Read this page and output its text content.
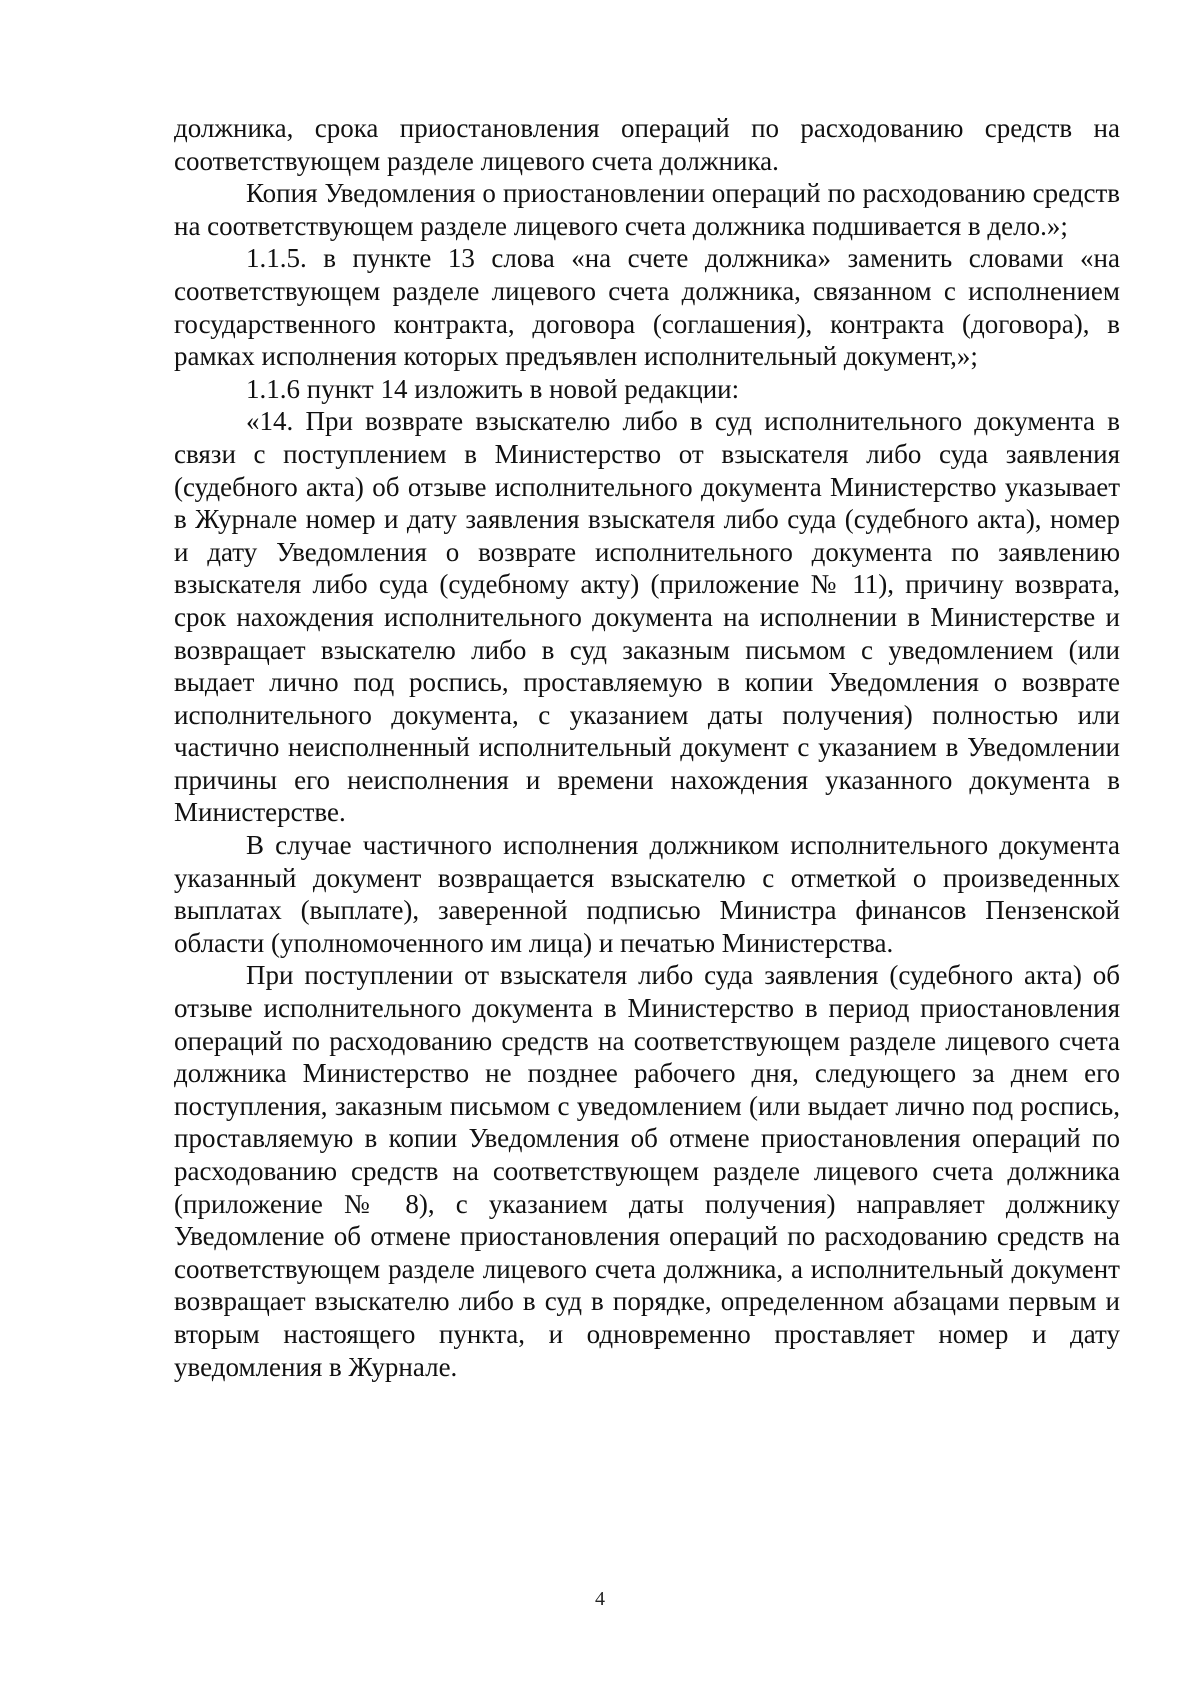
должника, срока приостановления операций по расходованию средств на соответствующем разделе лицевого счета должника.

Копия Уведомления о приостановлении операций по расходованию средств на соответствующем разделе лицевого счета должника подшивается в дело.»;

1.1.5. в пункте 13 слова «на счете должника» заменить словами «на соответствующем разделе лицевого счета должника, связанном с исполнением государственного контракта, договора (соглашения), контракта (договора), в рамках исполнения которых предъявлен исполнительный документ,»;

1.1.6 пункт 14 изложить в новой редакции:

«14. При возврате взыскателю либо в суд исполнительного документа в связи с поступлением в Министерство от взыскателя либо суда заявления (судебного акта) об отзыве исполнительного документа Министерство указывает в Журнале номер и дату заявления взыскателя либо суда (судебного акта), номер и дату Уведомления о возврате исполнительного документа по заявлению взыскателя либо суда (судебному акту) (приложение № 11), причину возврата, срок нахождения исполнительного документа на исполнении в Министерстве и возвращает взыскателю либо в суд заказным письмом с уведомлением (или выдает лично под роспись, проставляемую в копии Уведомления о возврате исполнительного документа, с указанием даты получения) полностью или частично неисполненный исполнительный документ с указанием в Уведомлении причины его неисполнения и времени нахождения указанного документа в Министерстве.

В случае частичного исполнения должником исполнительного документа указанный документ возвращается взыскателю с отметкой о произведенных выплатах (выплате), заверенной подписью Министра финансов Пензенской области (уполномоченного им лица) и печатью Министерства.

При поступлении от взыскателя либо суда заявления (судебного акта) об отзыве исполнительного документа в Министерство в период приостановления операций по расходованию средств на соответствующем разделе лицевого счета должника Министерство не позднее рабочего дня, следующего за днем его поступления, заказным письмом с уведомлением (или выдает лично под роспись, проставляемую в копии Уведомления об отмене приостановления операций по расходованию средств на соответствующем разделе лицевого счета должника (приложение № 8), с указанием даты получения) направляет должнику Уведомление об отмене приостановления операций по расходованию средств на соответствующем разделе лицевого счета должника, а исполнительный документ возвращает взыскателю либо в суд в порядке, определенном абзацами первым и вторым настоящего пункта, и одновременно проставляет номер и дату уведомления в Журнале.

4
